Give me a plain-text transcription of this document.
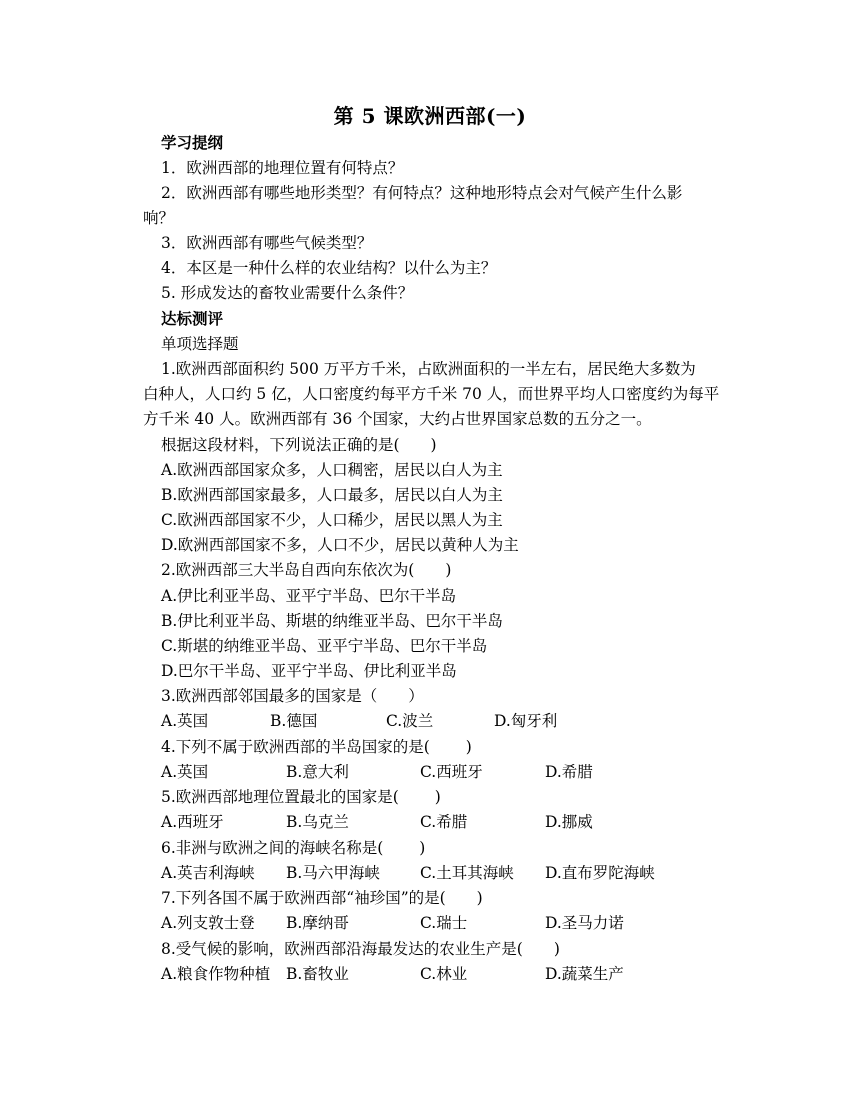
第 5 课欧洲西部(一)
学习提纲
1．欧洲西部的地理位置有何特点？
2．欧洲西部有哪些地形类型？有何特点？这种地形特点会对气候产生什么影
响？
3．欧洲西部有哪些气候类型？
4．本区是一种什么样的农业结构？以什么为主？
5. 形成发达的畜牧业需要什么条件？
达标测评
单项选择题
1.欧洲西部面积约 500 万平方千米，占欧洲面积的一半左右，居民绝大多数为
白种人，人口约 5 亿，人口密度约每平方千米 70 人，而世界平均人口密度约为每平
方千米 40 人。欧洲西部有 36 个国家，大约占世界国家总数的五分之一。
根据这段材料，下列说法正确的是(　　)
A.欧洲西部国家众多，人口稠密，居民以白人为主
B.欧洲西部国家最多，人口最多，居民以白人为主
C.欧洲西部国家不少，人口稀少，居民以黑人为主
D.欧洲西部国家不多，人口不少，居民以黄种人为主
2.欧洲西部三大半岛自西向东依次为(　　)
A.伊比利亚半岛、亚平宁半岛、巴尔干半岛
B.伊比利亚半岛、斯堪的纳维亚半岛、巴尔干半岛
C.斯堪的纳维亚半岛、亚平宁半岛、巴尔干半岛
D.巴尔干半岛、亚平宁半岛、伊比利亚半岛
3.欧洲西部邻国最多的国家是（　　）
A.英国	B.德国	C.波兰	D.匈牙利
4.下列不属于欧洲西部的半岛国家的是(　　 )
A.英国	B.意大利	C.西班牙	D.希腊
5.欧洲西部地理位置最北的国家是(　　 )
A.西班牙	B.乌克兰	C.希腊	D.挪威
6.非洲与欧洲之间的海峡名称是(　　 )
A.英吉利海峡 B.马六甲海峡	C.土耳其海峡 D.直布罗陀海峡
7.下列各国不属于欧洲西部“袖珍国”的是(　　)
A.列支敦士登 B.摩纳哥	C.瑞士	D.圣马力诺
8.受气候的影响，欧洲西部沿海最发达的农业生产是(　　)
A.粮食作物种植 B.畜牧业	C.林业	D.蔬菜生产
